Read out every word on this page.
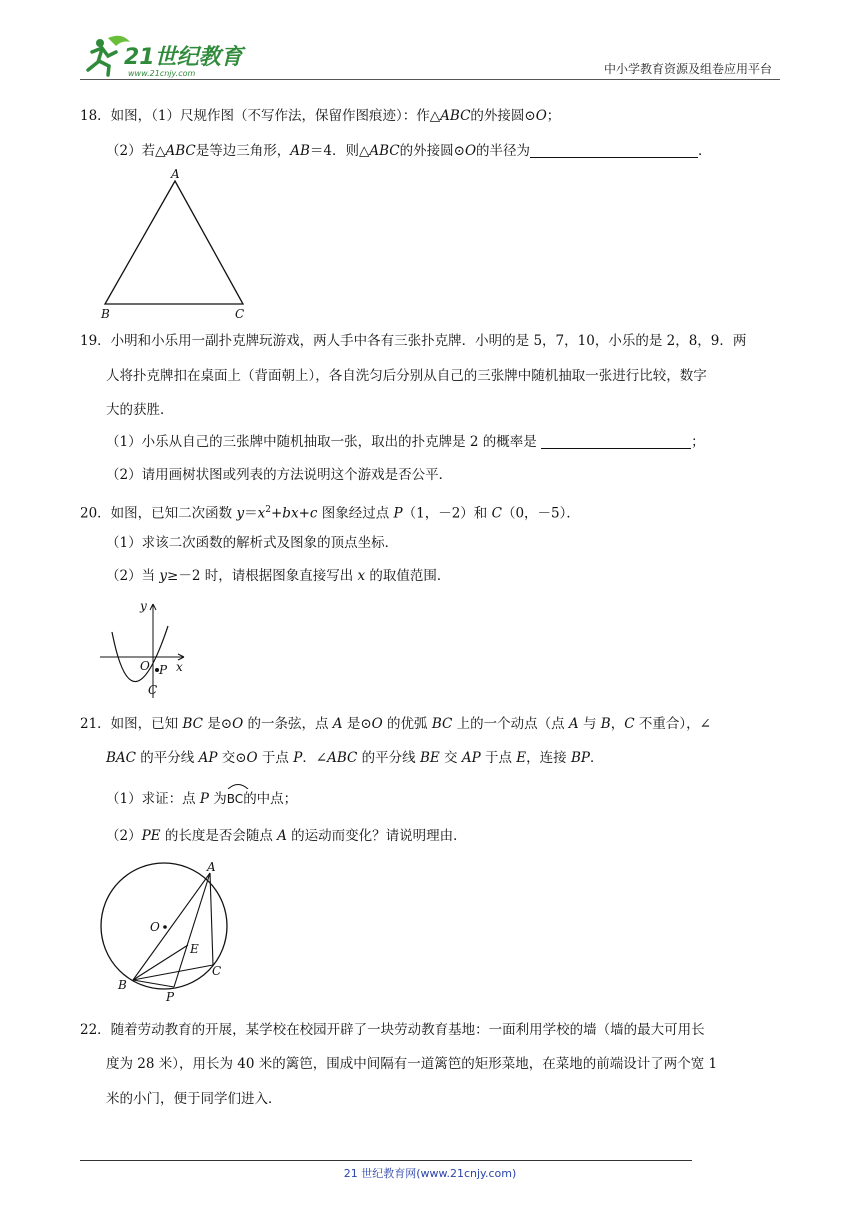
21世纪教育
www.21cnjy.com	中小学教育资源及组卷应用平台
18．如图，（1）尺规作图（不写作法，保留作图痕迹）：作△ABC的外接圆⊙O；
（2）若△ABC是等边三角形，AB＝4．则△ABC的外接圆⊙O的半径为	．
A
B	C
19．小明和小乐用一副扑克牌玩游戏，两人手中各有三张扑克牌．小明的是 5，7，10，小乐的是 2，8，9．两
人将扑克牌扣在桌面上（背面朝上），各自洗匀后分别从自己的三张牌中随机抽取一张进行比较，数字
大的获胜．
（1）小乐从自己的三张牌中随机抽取一张，取出的扑克牌是 2 的概率是	；
（2）请用画树状图或列表的方法说明这个游戏是否公平．
20．如图，已知二次函数 $y=x^2+bx+c$ 图象经过点 P（1，－2）和 C（0，－5）．
（1）求该二次函数的解析式及图象的顶点坐标．
（2）当 y≥－2 时，请根据图象直接写出 x 的取值范围．
y
x
O P
C
21．如图，已知 BC 是⊙O 的一条弦，点 A 是⊙O 的优弧 BC 上的一个动点（点 A 与 B，C 不重合），∠
BAC 的平分线 AP 交⊙O 于点 P．∠ABC 的平分线 BE 交 AP 于点 E，连接 BP．
（1）求证：点 P 为
BC的中点；
（2）PE 的长度是否会随点 A 的运动而变化？请说明理由．
A
O
E
B
C
P
22．随着劳动教育的开展，某学校在校园开辟了一块劳动教育基地：一面利用学校的墙（墙的最大可用长
度为 28 米），用长为 40 米的篱笆，围成中间隔有一道篱笆的矩形菜地，在菜地的前端设计了两个宽 1
米的小门，便于同学们进入．
21 世纪教育网(www.21cnjy.com)
